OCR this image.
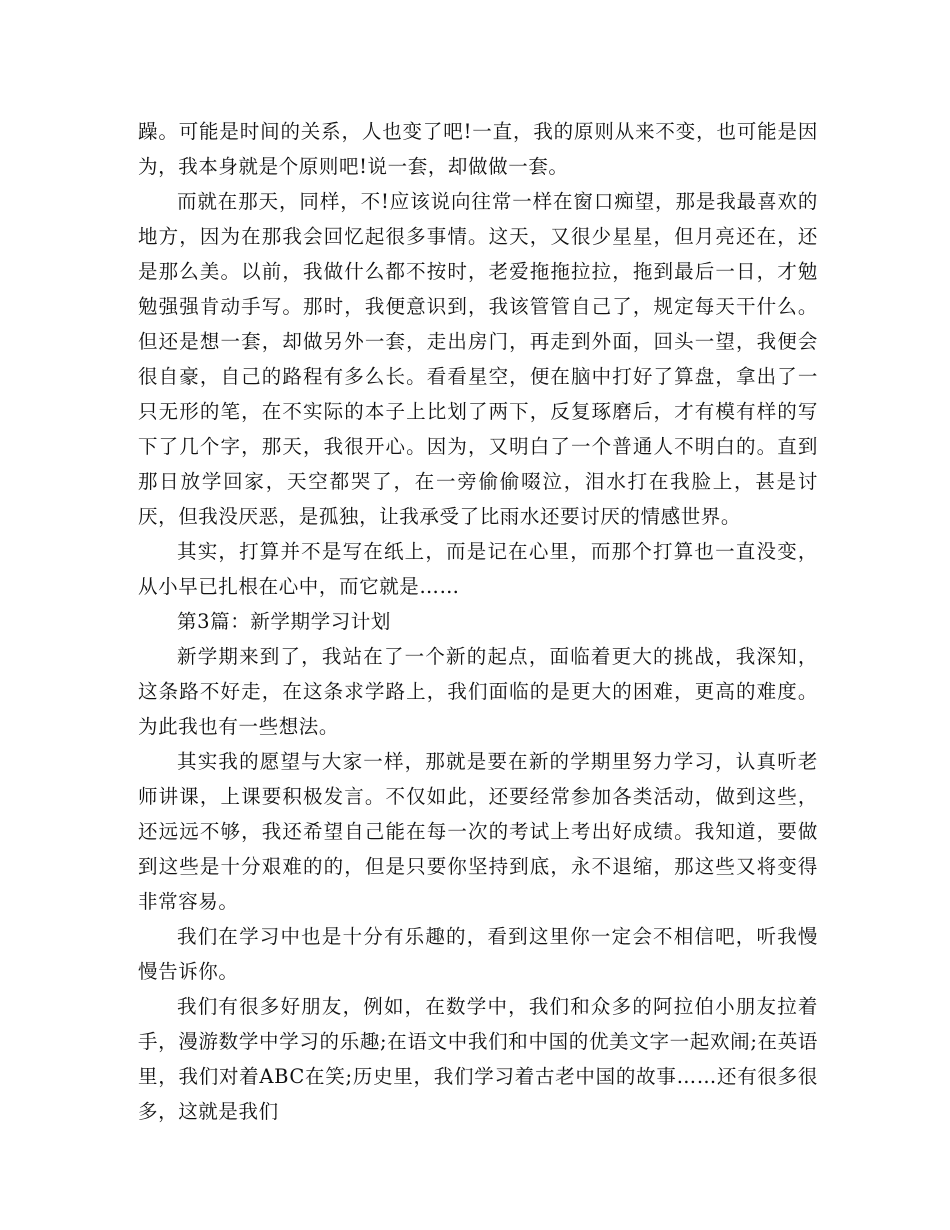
躁。可能是时间的关系，人也变了吧!一直，我的原则从来不变，也可能是因为，我本身就是个原则吧!说一套，却做做一套。

而就在那天，同样，不!应该说向往常一样在窗口痴望，那是我最喜欢的地方，因为在那我会回忆起很多事情。这天，又很少星星，但月亮还在，还是那么美。以前，我做什么都不按时，老爱拖拖拉拉，拖到最后一日，才勉勉强强肯动手写。那时，我便意识到，我该管管自己了，规定每天干什么。但还是想一套，却做另外一套，走出房门，再走到外面，回头一望，我便会很自豪，自己的路程有多么长。看看星空，便在脑中打好了算盘，拿出了一只无形的笔，在不实际的本子上比划了两下，反复琢磨后，才有模有样的写下了几个字，那天，我很开心。因为，又明白了一个普通人不明白的。直到那日放学回家，天空都哭了，在一旁偷偷啜泣，泪水打在我脸上，甚是讨厌，但我没厌恶，是孤独，让我承受了比雨水还要讨厌的情感世界。

其实，打算并不是写在纸上，而是记在心里，而那个打算也一直没变，从小早已扎根在心中，而它就是……

第3篇：新学期学习计划

新学期来到了，我站在了一个新的起点，面临着更大的挑战，我深知，这条路不好走，在这条求学路上，我们面临的是更大的困难，更高的难度。为此我也有一些想法。

其实我的愿望与大家一样，那就是要在新的学期里努力学习，认真听老师讲课，上课要积极发言。不仅如此，还要经常参加各类活动，做到这些，还远远不够，我还希望自己能在每一次的考试上考出好成绩。我知道，要做到这些是十分艰难的的，但是只要你坚持到底，永不退缩，那这些又将变得非常容易。

我们在学习中也是十分有乐趣的，看到这里你一定会不相信吧，听我慢慢告诉你。

我们有很多好朋友，例如，在数学中，我们和众多的阿拉伯小朋友拉着手，漫游数学中学习的乐趣;在语文中我们和中国的优美文字一起欢闹;在英语里，我们对着ABC在笑;历史里，我们学习着古老中国的故事……还有很多很多，这就是我们
